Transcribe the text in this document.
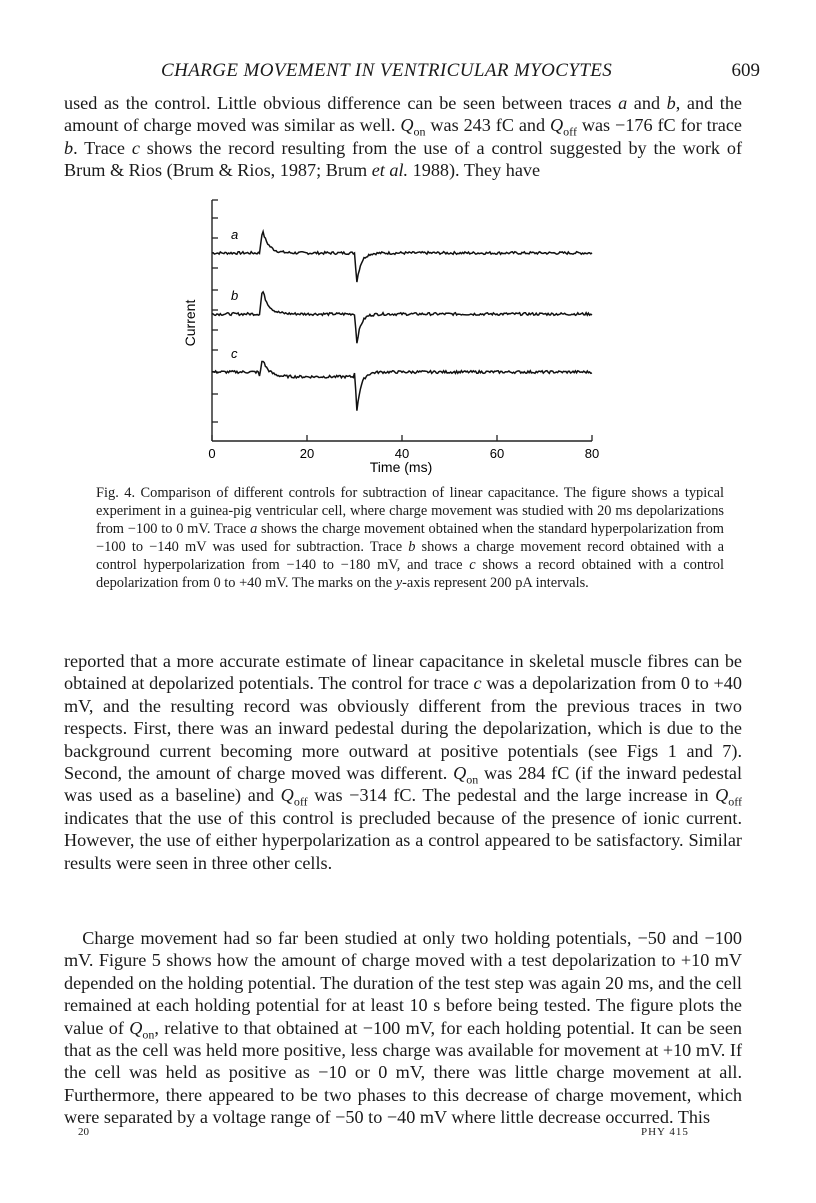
CHARGE MOVEMENT IN VENTRICULAR MYOCYTES	609

used as the control. Little obvious difference can be seen between traces a and b, and the amount of charge moved was similar as well. $Q_{on}$ was 243 fC and $Q_{off}$ was −176 fC for trace b. Trace c shows the record resulting from the use of a control suggested by the work of Brum & Rios (Brum & Rios, 1987; Brum et al. 1988). They have

0	20	40	60	80
a
b
c
Current
Time (ms)

Fig. 4. Comparison of different controls for subtraction of linear capacitance. The figure shows a typical experiment in a guinea-pig ventricular cell, where charge movement was studied with 20 ms depolarizations from −100 to 0 mV. Trace a shows the charge movement obtained when the standard hyperpolarization from −100 to −140 mV was used for subtraction. Trace b shows a charge movement record obtained with a control hyperpolarization from −140 to −180 mV, and trace c shows a record obtained with a control depolarization from 0 to +40 mV. The marks on the y-axis represent 200 pA intervals.

reported that a more accurate estimate of linear capacitance in skeletal muscle fibres can be obtained at depolarized potentials. The control for trace c was a depolarization from 0 to +40 mV, and the resulting record was obviously different from the previous traces in two respects. First, there was an inward pedestal during the depolarization, which is due to the background current becoming more outward at positive potentials (see Figs 1 and 7). Second, the amount of charge moved was different. $Q_{on}$ was 284 fC (if the inward pedestal was used as a baseline) and $Q_{off}$ was −314 fC. The pedestal and the large increase in $Q_{off}$ indicates that the use of this control is precluded because of the presence of ionic current. However, the use of either hyperpolarization as a control appeared to be satisfactory. Similar results were seen in three other cells.

 Charge movement had so far been studied at only two holding potentials, −50 and −100 mV. Figure 5 shows how the amount of charge moved with a test depolarization to +10 mV depended on the holding potential. The duration of the test step was again 20 ms, and the cell remained at each holding potential for at least 10 s before being tested. The figure plots the value of $Q_{on}$, relative to that obtained at −100 mV, for each holding potential. It can be seen that as the cell was held more positive, less charge was available for movement at +10 mV. If the cell was held as positive as −10 or 0 mV, there was little charge movement at all. Furthermore, there appeared to be two phases to this decrease of charge movement, which were separated by a voltage range of −50 to −40 mV where little decrease occurred. This

20	PHY 415
